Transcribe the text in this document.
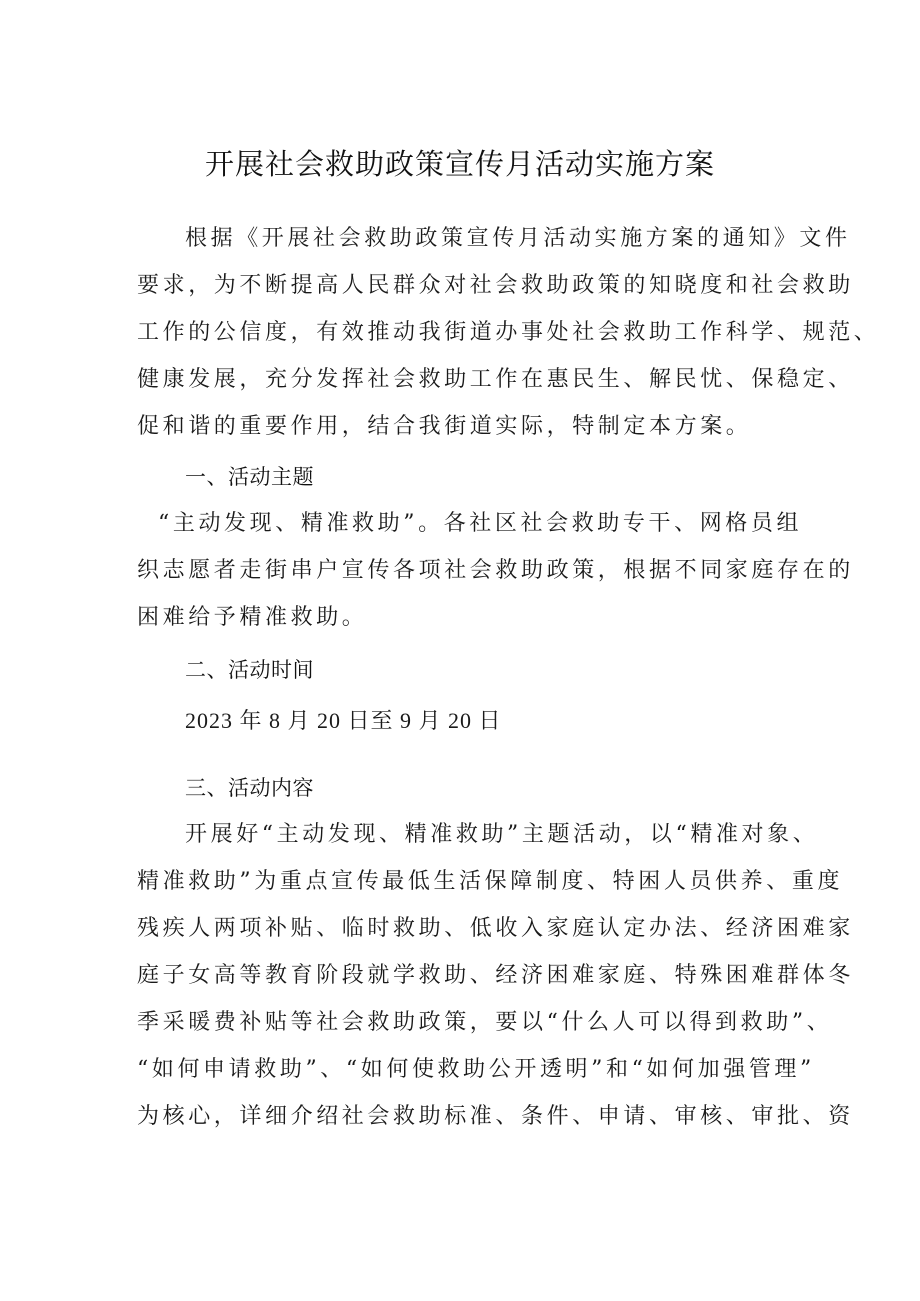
开展社会救助政策宣传月活动实施方案
根据《开展社会救助政策宣传月活动实施方案的通知》文件
要求，为不断提高人民群众对社会救助政策的知晓度和社会救助
工作的公信度，有效推动我街道办事处社会救助工作科学、规范、
健康发展，充分发挥社会救助工作在惠民生、解民忧、保稳定、
促和谐的重要作用，结合我街道实际，特制定本方案。
一、活动主题
“主动发现、精准救助”。各社区社会救助专干、网格员组
织志愿者走街串户宣传各项社会救助政策，根据不同家庭存在的
困难给予精准救助。
二、活动时间
2023 年 8 月 20 日至 9 月 20 日
三、活动内容
开展好“主动发现、精准救助”主题活动，以“精准对象、
精准救助”为重点宣传最低生活保障制度、特困人员供养、重度
残疾人两项补贴、临时救助、低收入家庭认定办法、经济困难家
庭子女高等教育阶段就学救助、经济困难家庭、特殊困难群体冬
季采暖费补贴等社会救助政策，要以“什么人可以得到救助”、
“如何申请救助”、“如何使救助公开透明”和“如何加强管理”
为核心，详细介绍社会救助标准、条件、申请、审核、审批、资
